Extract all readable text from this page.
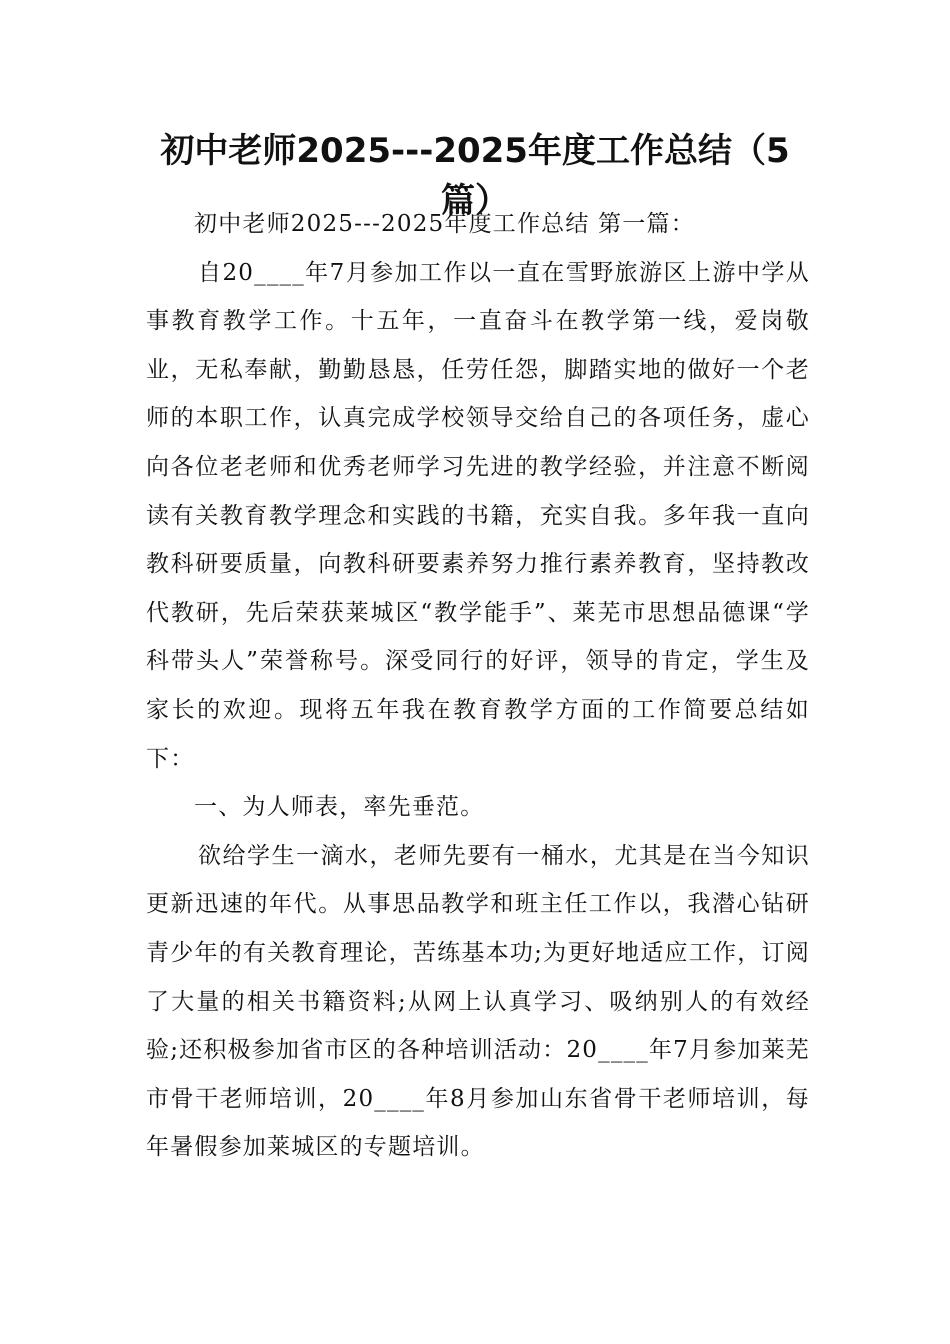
初中老师2025---2025年度工作总结（5篇）

初中老师2025---2025年度工作总结 第一篇：

自20____年7月参加工作以一直在雪野旅游区上游中学从事教育教学工作。十五年，一直奋斗在教学第一线，爱岗敬业，无私奉献，勤勤恳恳，任劳任怨，脚踏实地的做好一个老师的本职工作，认真完成学校领导交给自己的各项任务，虚心向各位老老师和优秀老师学习先进的教学经验，并注意不断阅读有关教育教学理念和实践的书籍，充实自我。多年我一直向教科研要质量，向教科研要素养努力推行素养教育，坚持教改代教研，先后荣获莱城区“教学能手”、莱芜市思想品德课“学科带头人”荣誉称号。深受同行的好评，领导的肯定，学生及家长的欢迎。现将五年我在教育教学方面的工作简要总结如下：

一、为人师表，率先垂范。

欲给学生一滴水，老师先要有一桶水，尤其是在当今知识更新迅速的年代。从事思品教学和班主任工作以，我潜心钻研青少年的有关教育理论，苦练基本功;为更好地适应工作，订阅了大量的相关书籍资料;从网上认真学习、吸纳别人的有效经验;还积极参加省市区的各种培训活动：20____年7月参加莱芜市骨干老师培训，20____年8月参加山东省骨干老师培训，每年暑假参加莱城区的专题培训。
